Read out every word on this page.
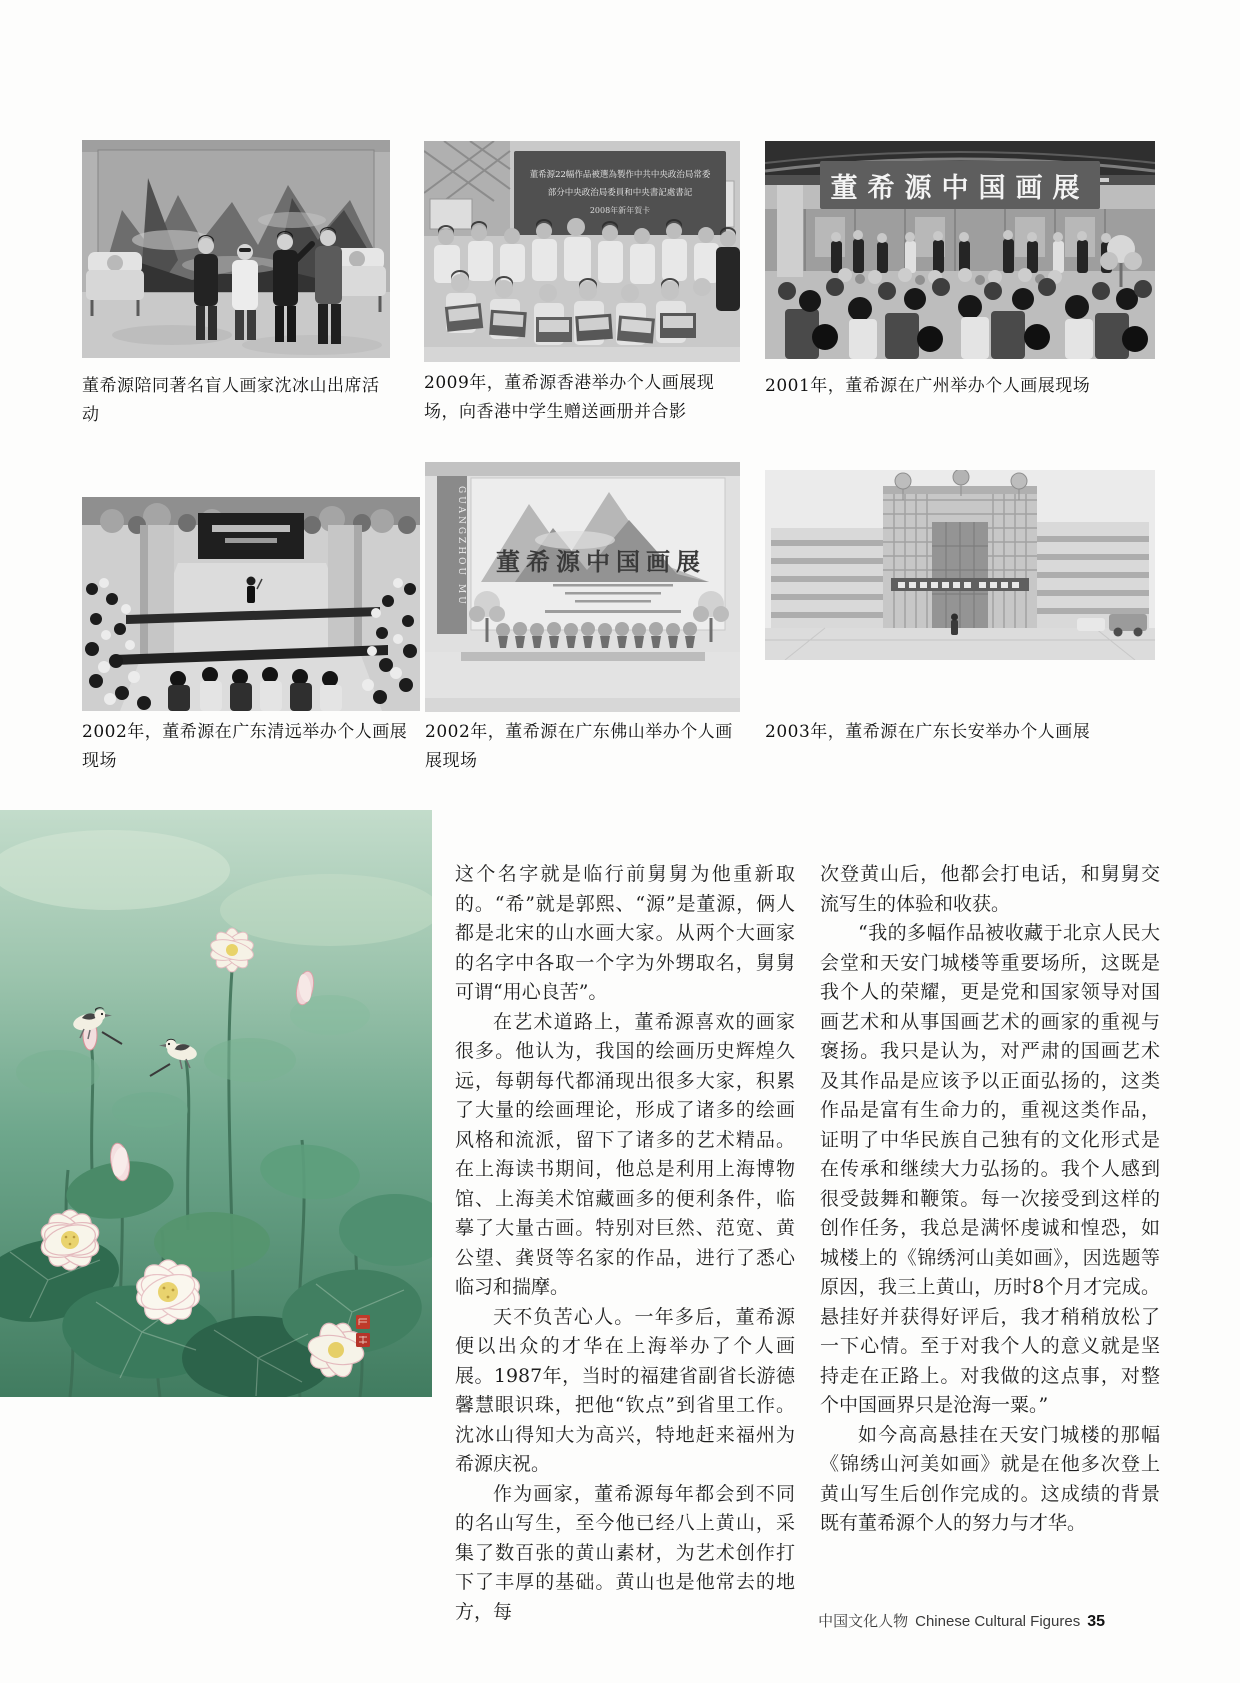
董希源陪同著名盲人画家沈冰山出席活动
董希源22幅作品被選為製作中共中央政治局常委
部分中央政治局委員和中央書記處書記
2008年新年賀卡
2009年，董希源香港举办个人画展现场，向香港中学生赠送画册并合影
董希源中国画展
2001年，董希源在广州举办个人画展现场
2002年，董希源在广东清远举办个人画展现场
GUANGZHOU MU 董希源中国画展
2002年，董希源在广东佛山举办个人画展现场
2003年，董希源在广东长安举办个人画展

这个名字就是临行前舅舅为他重新取的。“希”就是郭熙、“源”是董源，俩人都是北宋的山水画大家。从两个大画家的名字中各取一个字为外甥取名，舅舅可谓“用心良苦”。

在艺术道路上，董希源喜欢的画家很多。他认为，我国的绘画历史辉煌久远，每朝每代都涌现出很多大家，积累了大量的绘画理论，形成了诸多的绘画风格和流派，留下了诸多的艺术精品。在上海读书期间，他总是利用上海博物馆、上海美术馆藏画多的便利条件，临摹了大量古画。特别对巨然、范宽、黄公望、龚贤等名家的作品，进行了悉心临习和揣摩。

天不负苦心人。一年多后，董希源便以出众的才华在上海举办了个人画展。1987年，当时的福建省副省长游德馨慧眼识珠，把他“钦点”到省里工作。沈冰山得知大为高兴，特地赶来福州为希源庆祝。

作为画家，董希源每年都会到不同的名山写生，至今他已经八上黄山，采集了数百张的黄山素材，为艺术创作打下了丰厚的基础。黄山也是他常去的地方，每

次登黄山后，他都会打电话，和舅舅交流写生的体验和收获。

“我的多幅作品被收藏于北京人民大会堂和天安门城楼等重要场所，这既是我个人的荣耀，更是党和国家领导对国画艺术和从事国画艺术的画家的重视与褒扬。我只是认为，对严肃的国画艺术及其作品是应该予以正面弘扬的，这类作品是富有生命力的，重视这类作品，证明了中华民族自己独有的文化形式是在传承和继续大力弘扬的。我个人感到很受鼓舞和鞭策。每一次接受到这样的创作任务，我总是满怀虔诚和惶恐，如城楼上的《锦绣河山美如画》，因选题等原因，我三上黄山，历时8个月才完成。悬挂好并获得好评后，我才稍稍放松了一下心情。至于对我个人的意义就是坚持走在正路上。对我做的这点事，对整个中国画界只是沧海一粟。”

如今高高悬挂在天安门城楼的那幅《锦绣山河美如画》就是在他多次登上黄山写生后创作完成的。这成绩的背景既有董希源个人的努力与才华。

中国文化人物 Chinese Cultural Figures 35
